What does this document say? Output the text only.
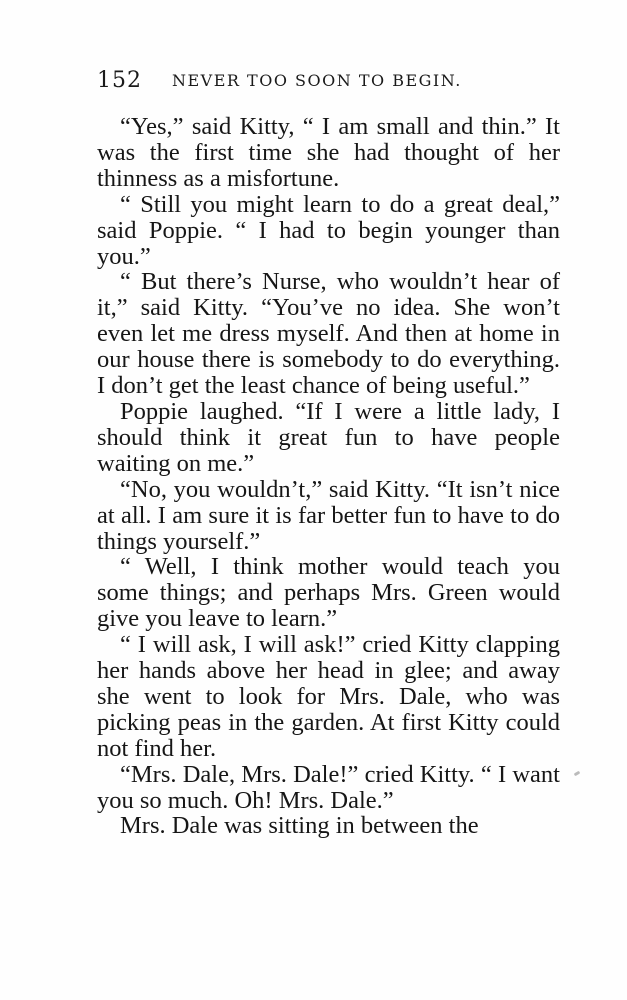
152 NEVER TOO SOON TO BEGIN.

“Yes,” said Kitty, “ I am small and thin.” It was the first time she had thought of her thinness as a misfortune.

“ Still you might learn to do a great deal,” said Poppie. “ I had to begin younger than you.”

“ But there’s Nurse, who wouldn’t hear of it,” said Kitty. “You’ve no idea. She won’t even let me dress myself. And then at home in our house there is somebody to do everything. I don’t get the least chance of being useful.”

Poppie laughed. “If I were a little lady, I should think it great fun to have people waiting on me.”

“No, you wouldn’t,” said Kitty. “It isn’t nice at all. I am sure it is far better fun to have to do things yourself.”

“ Well, I think mother would teach you some things; and perhaps Mrs. Green would give you leave to learn.”

“ I will ask, I will ask!” cried Kitty clapping her hands above her head in glee; and away she went to look for Mrs. Dale, who was picking peas in the garden. At first Kitty could not find her.

“Mrs. Dale, Mrs. Dale!” cried Kitty. “ I want you so much. Oh! Mrs. Dale.”

Mrs. Dale was sitting in between the
